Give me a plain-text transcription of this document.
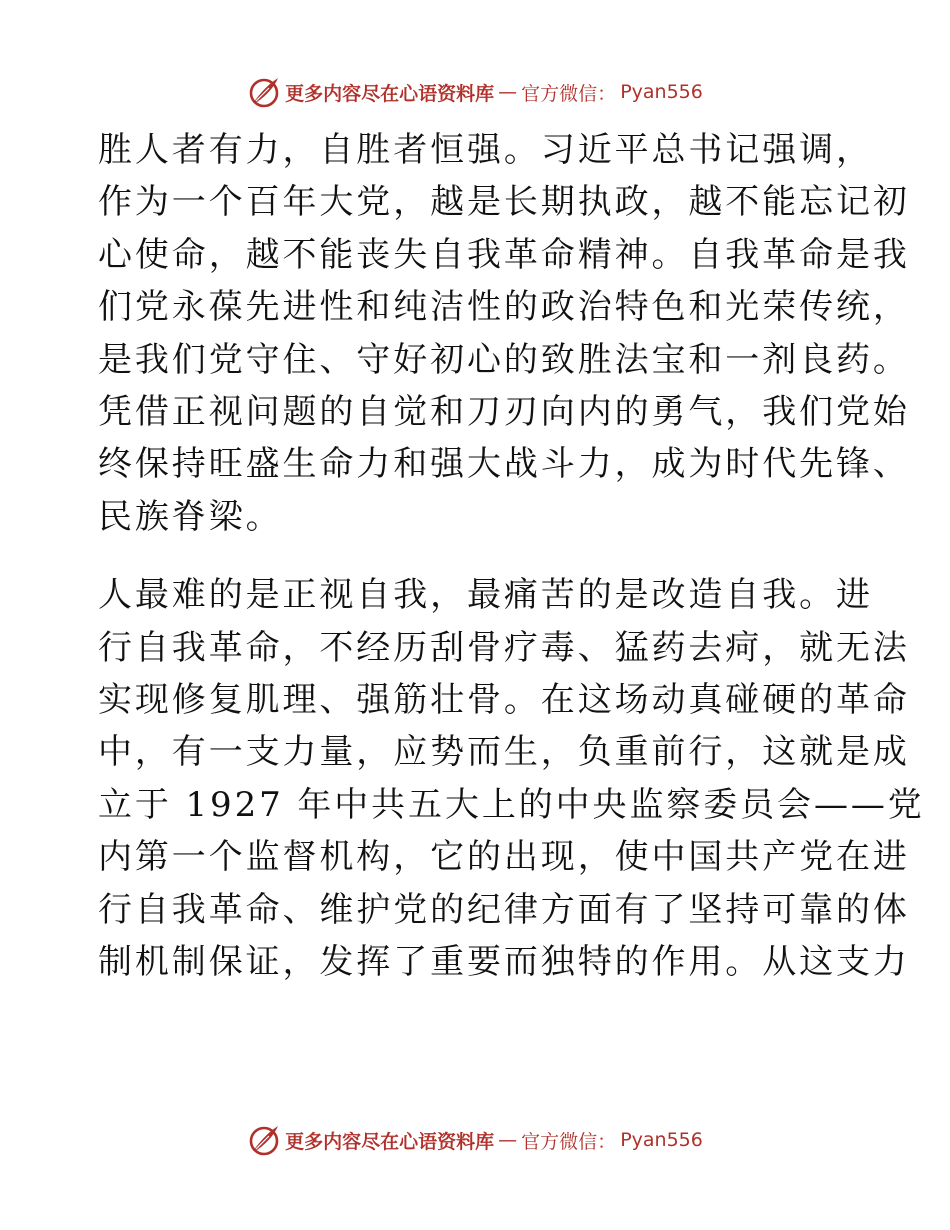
更多内容尽在心语资料库 — 官方微信： Pyan556

胜人者有力，自胜者恒强。习近平总书记强调，
作为一个百年大党，越是长期执政，越不能忘记初
心使命，越不能丧失自我革命精神。自我革命是我
们党永葆先进性和纯洁性的政治特色和光荣传统，
是我们党守住、守好初心的致胜法宝和一剂良药。
凭借正视问题的自觉和刀刃向内的勇气，我们党始
终保持旺盛生命力和强大战斗力，成为时代先锋、
民族脊梁。

人最难的是正视自我，最痛苦的是改造自我。进
行自我革命，不经历刮骨疗毒、猛药去疴，就无法
实现修复肌理、强筋壮骨。在这场动真碰硬的革命
中，有一支力量，应势而生，负重前行，这就是成
立于 1927 年中共五大上的中央监察委员会——党
内第一个监督机构，它的出现，使中国共产党在进
行自我革命、维护党的纪律方面有了坚持可靠的体
制机制保证，发挥了重要而独特的作用。从这支力

更多内容尽在心语资料库 — 官方微信： Pyan556
